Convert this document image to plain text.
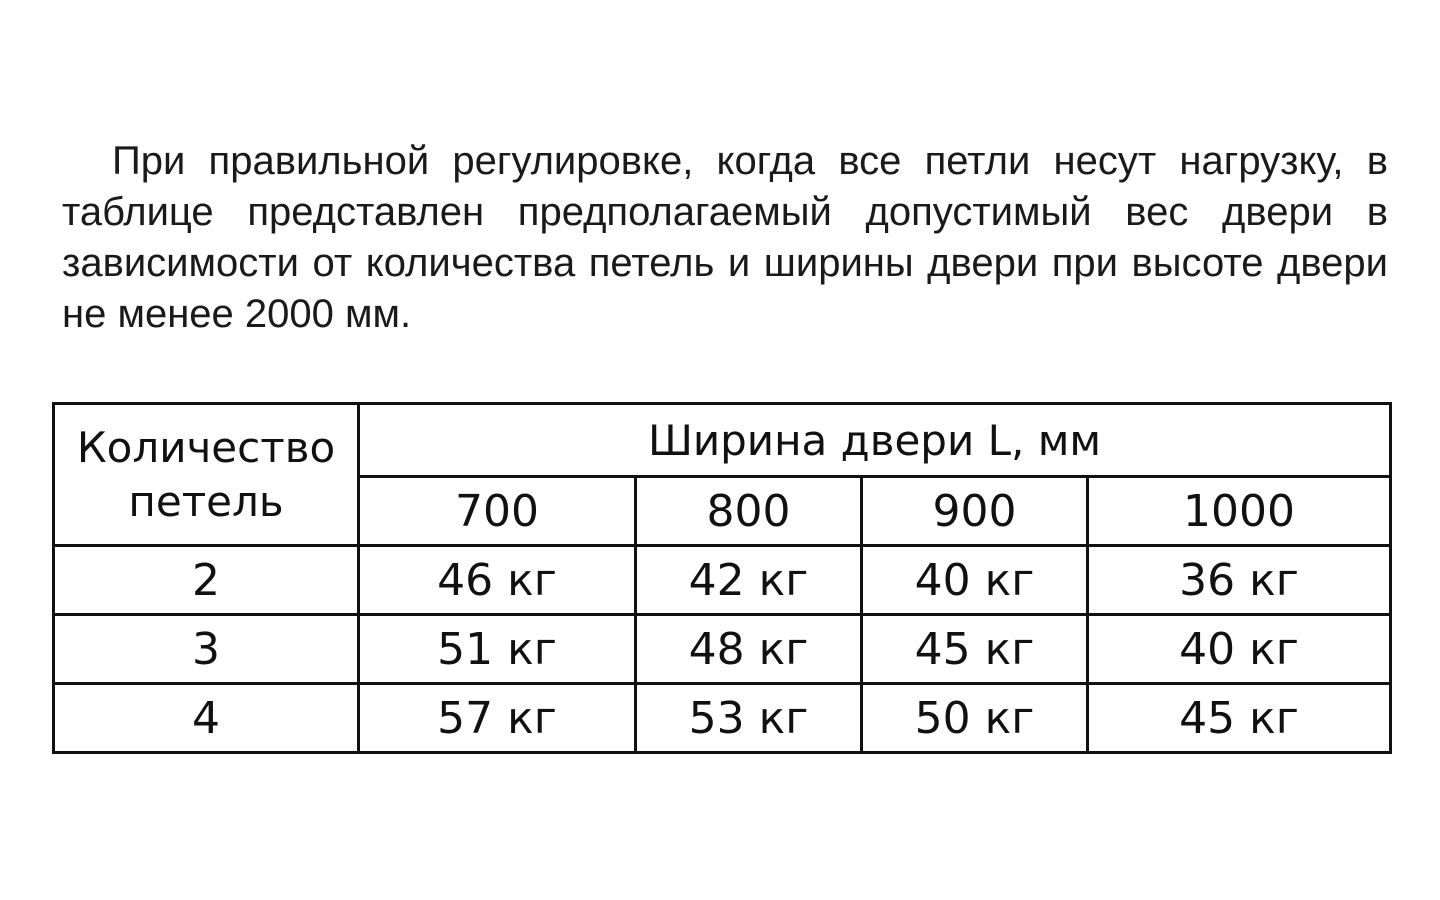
При правильной регулировке, когда все петли несут нагрузку, в таблице представлен предполагаемый допустимый вес двери в зависимости от количества петель и ширины двери при высоте двери не менее 2000 мм.

Количество
петель	Ширина двери L, мм			
	700	800	900	1000
2	46 кг	42 кг	40 кг	36 кг
3	51 кг	48 кг	45 кг	40 кг
4	57 кг	53 кг	50 кг	45 кг
